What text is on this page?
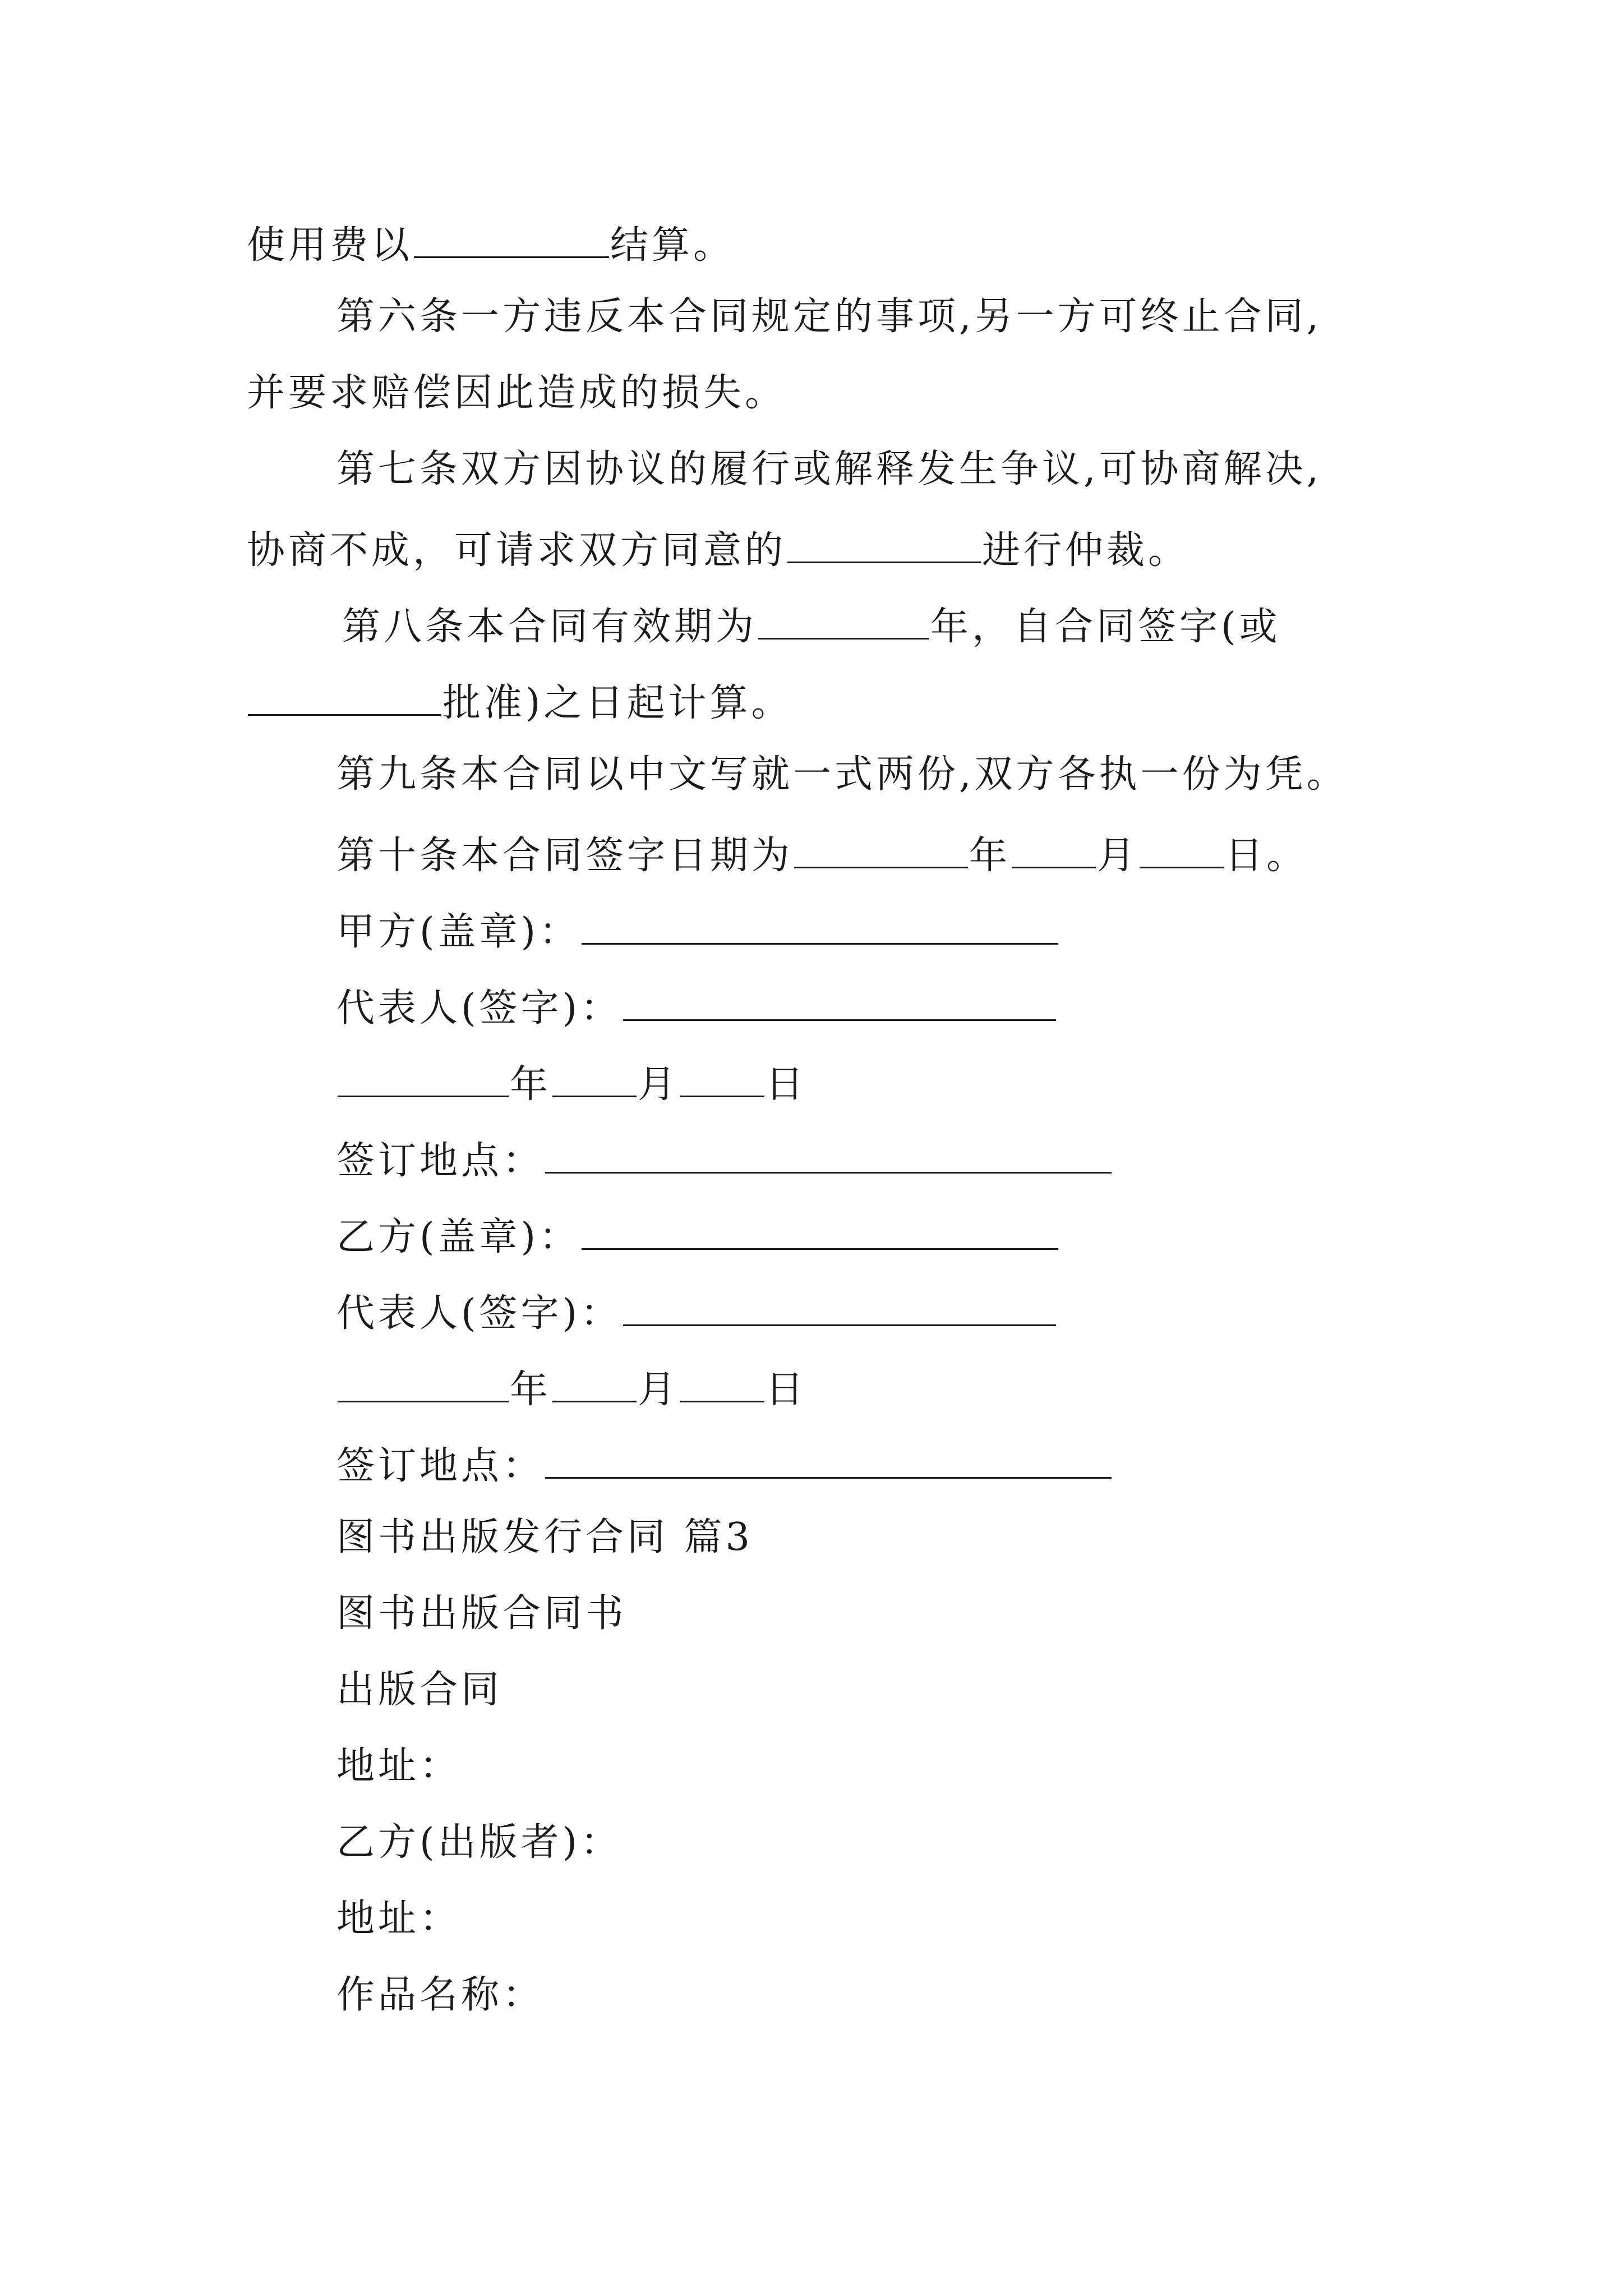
使用费以	结算。
第六条一方违反本合同规定的事项,另一方可终止合同,
并要求赔偿因此造成的损失。
第七条双方因协议的履行或解释发生争议,可协商解决,
协商不成，可请求双方同意的	进行仲裁。
第八条本合同有效期为	年，自合同签字(或
批准)之日起计算。
第九条本合同以中文写就一式两份,双方各执一份为凭。
第十条本合同签字日期为	年 月 日。
甲方(盖章)：
代表人(签字)：
年 月 日
签订地点：
乙方(盖章)：
代表人(签字)：
年 月 日
签订地点：
图书出版发行合同 篇3
图书出版合同书
出版合同
地址：
乙方(出版者)：
地址：
作品名称：
